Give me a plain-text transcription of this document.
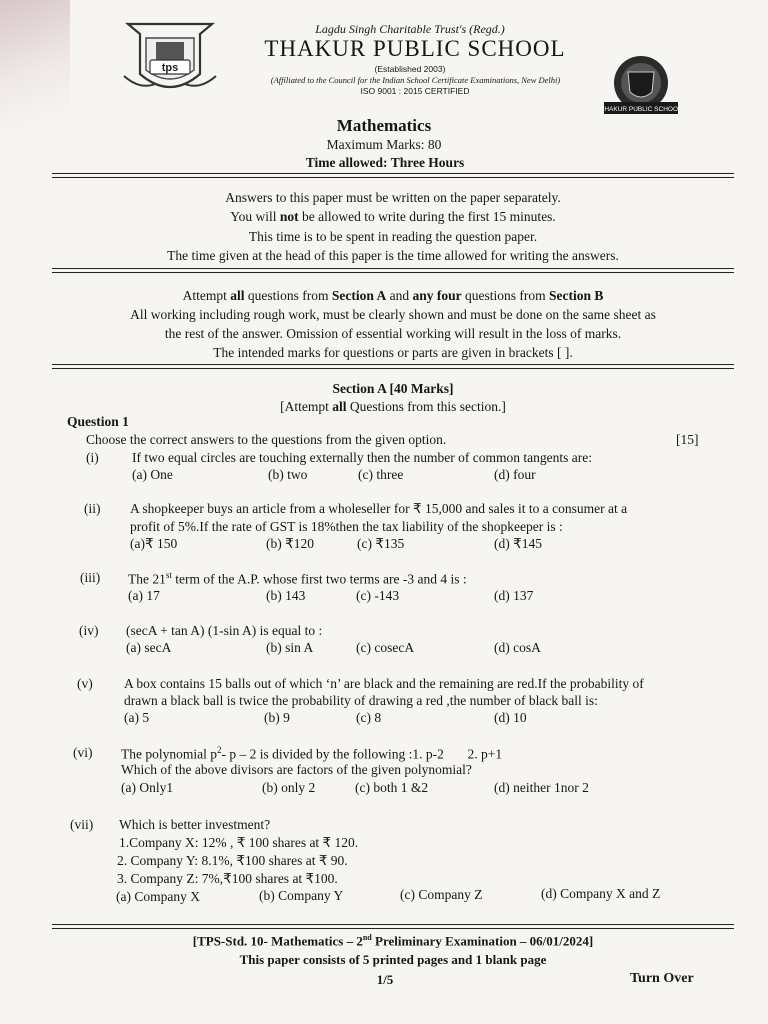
tps
THAKUR PUBLIC SCHOOL
Lagdu Singh Charitable Trust's (Regd.)
THAKUR PUBLIC SCHOOL
(Established 2003)
(Affiliated to the Council for the Indian School Certificate Examinations, New Delhi)
ISO 9001 : 2015 CERTIFIED
Mathematics
Maximum Marks: 80
Time allowed: Three Hours
Answers to this paper must be written on the paper separately.
You will not be allowed to write during the first 15 minutes.
This time is to be spent in reading the question paper.
The time given at the head of this paper is the time allowed for writing the answers.
Attempt all questions from Section A and any four questions from Section B
All working including rough work, must be clearly shown and must be done on the same sheet as
the rest of the answer. Omission of essential working will result in the loss of marks.
The intended marks for questions or parts are given in brackets [ ].
Section A [40 Marks]
[Attempt all Questions from this section.]
Question 1
Choose the correct answers to the questions from the given option.	[15]
(i) If two equal circles are touching externally then the number of common tangents are:
(a) One	(b) two	(c) three	(d) four
(ii) A shopkeeper buys an article from a wholeseller for ₹ 15,000 and sales it to a consumer at a
profit of 5%.If the rate of GST is 18%then the tax liability of the shopkeeper is :
(a)₹ 150	(b) ₹120	(c) ₹135	(d) ₹145
(iii) The 21st term of the A.P. whose first two terms are -3 and 4 is :
(a) 17	(b) 143	(c) -143	(d) 137
(iv) (secA + tan A) (1-sin A) is equal to :
(a) secA	(b) sin A	(c) cosecA	(d) cosA
(v) A box contains 15 balls out of which ‘n’ are black and the remaining are red.If the probability of
drawn a black ball is twice the probability of drawing a red ,the number of black ball is:
(a) 5	(b) 9	(c) 8	(d) 10
(vi) The polynomial $p^2-$ p – 2 is divided by the following :1. p-2       2. p+1
Which of the above divisors are factors of the given polynomial?
(a) Only1	(b) only 2	(c) both 1 &2	(d) neither 1nor 2
(vii) Which is better investment?
1.Company X: 12% , ₹ 100 shares at ₹ 120.
2. Company Y: 8.1%, ₹100 shares at ₹ 90.
3. Company Z: 7%,₹100 shares at ₹100.
(a) Company X	(b) Company Y	(c) Company Z	(d) Company X and Z
[TPS-Std. 10- Mathematics – 2nd Preliminary Examination – 06/01/2024]
This paper consists of 5 printed pages and 1 blank page
1/5	Turn Over
